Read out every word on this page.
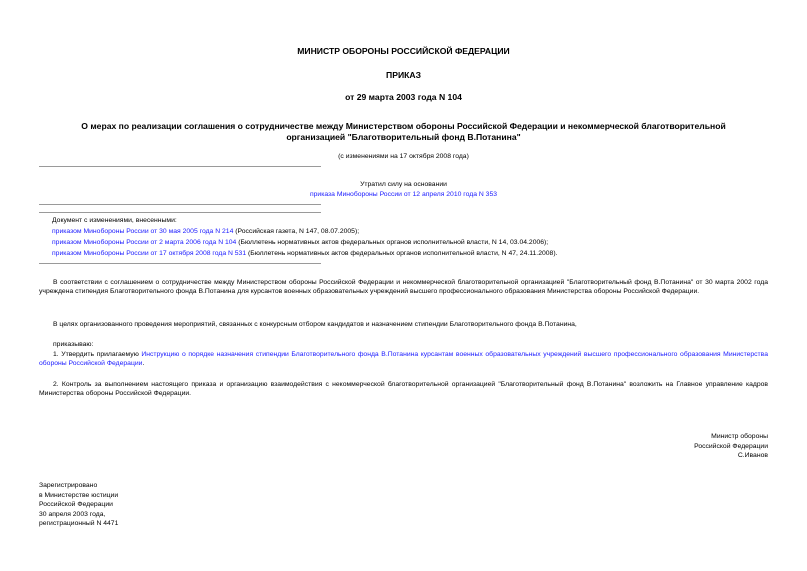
МИНИСТР ОБОРОНЫ РОССИЙСКОЙ ФЕДЕРАЦИИ
ПРИКАЗ
от 29 марта 2003 года N 104
О мерах по реализации соглашения о сотрудничестве между Министерством обороны Российской Федерации и некоммерческой благотворительной
организацией "Благотворительный фонд В.Потанина"
(с изменениями на 17 октября 2008 года)
Утратил силу на основании
приказа Минобороны России от 12 апреля 2010 года N 353
Документ с изменениями, внесенными:
приказом Минобороны России от 30 мая 2005 года N 214 (Российская газета, N 147, 08.07.2005);
приказом Минобороны России от 2 марта 2006 года N 104 (Бюллетень нормативных актов федеральных органов исполнительной власти, N 14, 03.04.2006);
приказом Минобороны России от 17 октября 2008 года N 531 (Бюллетень нормативных актов федеральных органов исполнительной власти, N 47, 24.11.2008).
В соответствии с соглашением о сотрудничестве между Министерством обороны Российской Федерации и некоммерческой благотворительной организацией "Благотворительный фонд В.Потанина" от 30 марта 2002 года учреждена стипендия Благотворительного фонда В.Потанина для курсантов военных образовательных учреждений высшего профессионального образования Министерства обороны Российской Федерации.
В целях организованного проведения мероприятий, связанных с конкурсным отбором кандидатов и назначением стипендии Благотворительного фонда В.Потанина,
приказываю:
1. Утвердить прилагаемую Инструкцию о порядке назначения стипендии Благотворительного фонда В.Потанина курсантам военных образовательных учреждений высшего профессионального образования Министерства обороны Российской Федерации.
2. Контроль за выполнением настоящего приказа и организацию взаимодействия с некоммерческой благотворительной организацией "Благотворительный фонд В.Потанина" возложить на Главное управление кадров Министерства обороны Российской Федерации.
Министр обороны
Российской Федерации
С.Иванов
Зарегистрировано
в Министерстве юстиции
Российской Федерации
30 апреля 2003 года,
регистрационный N 4471
